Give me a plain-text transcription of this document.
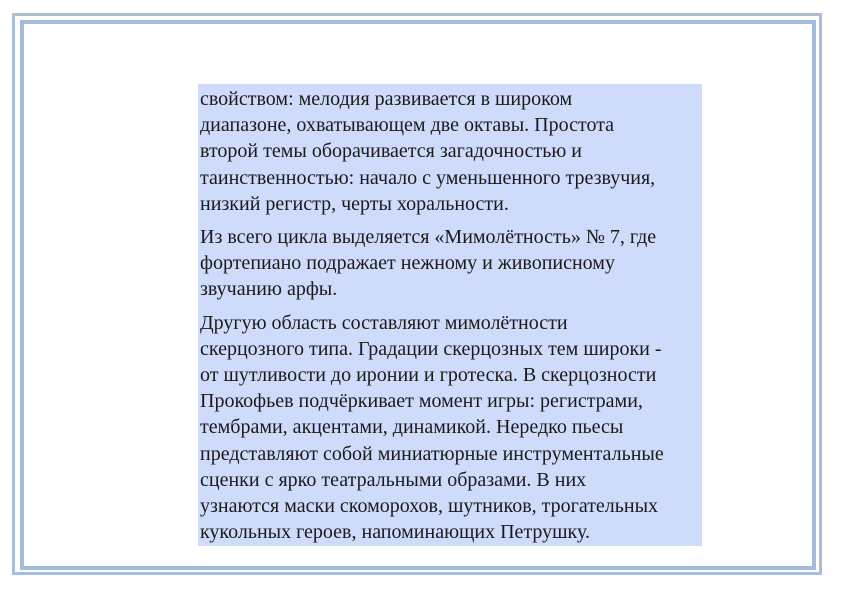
свойством: мелодия развивается в широком
диапазоне, охватывающем две октавы. Простота
второй темы оборачивается загадочностью и
таинственностью: начало с уменьшенного трезвучия,
низкий регистр, черты хоральности.

Из всего цикла выделяется «Мимолётность» № 7, где
фортепиано подражает нежному и живописному
звучанию арфы.

Другую область составляют мимолётности
скерцозного типа. Градации скерцозных тем широки -
от шутливости до иронии и гротеска. В скерцозности
Прокофьев подчёркивает момент игры: регистрами,
тембрами, акцентами, динамикой. Нередко пьесы
представляют собой миниатюрные инструментальные
сценки с ярко театральными образами. В них
узнаются маски скоморохов, шутников, трогательных
кукольных героев, напоминающих Петрушку.
